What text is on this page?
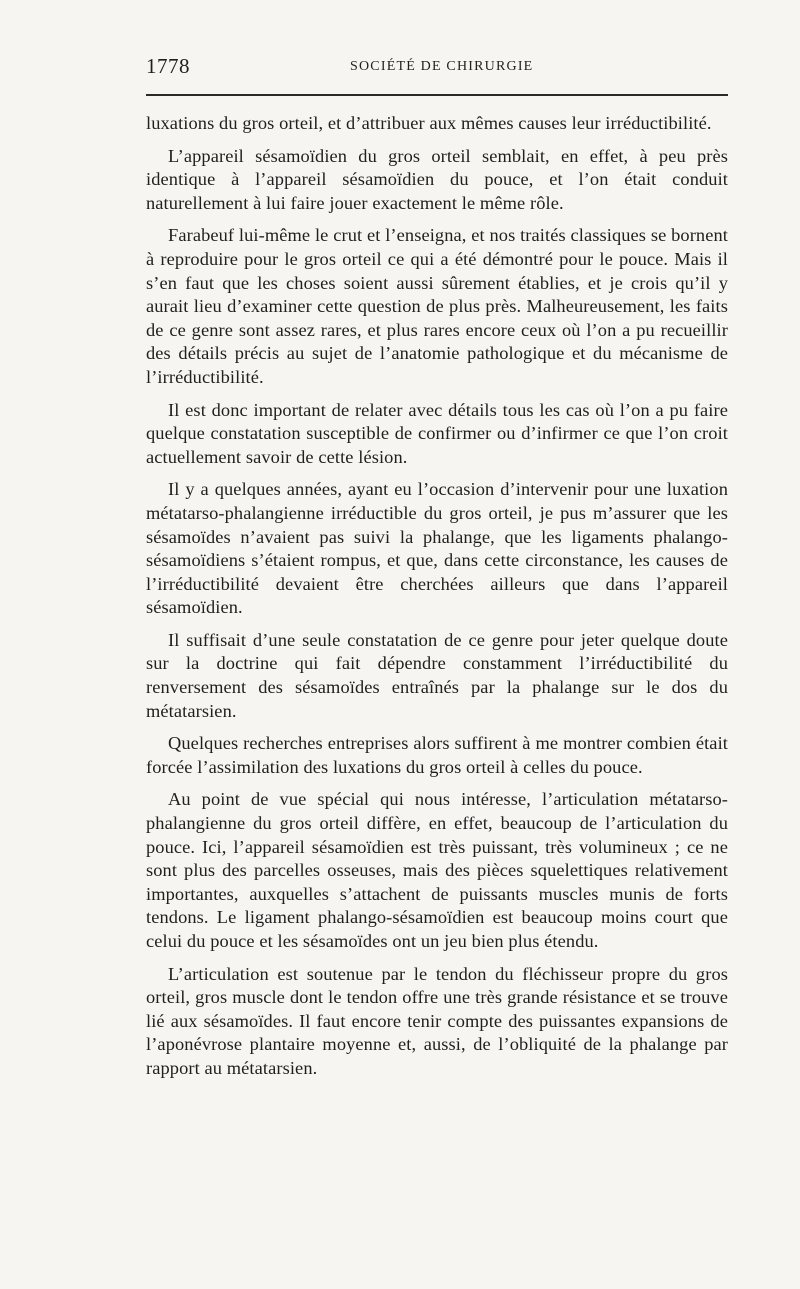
1778	SOCIÉTÉ DE CHIRURGIE

luxations du gros orteil, et d’attribuer aux mêmes causes leur irréductibilité.

L’appareil sésamoïdien du gros orteil semblait, en effet, à peu près identique à l’appareil sésamoïdien du pouce, et l’on était conduit naturellement à lui faire jouer exactement le même rôle.

Farabeuf lui-même le crut et l’enseigna, et nos traités classiques se bornent à reproduire pour le gros orteil ce qui a été démontré pour le pouce. Mais il s’en faut que les choses soient aussi sûrement établies, et je crois qu’il y aurait lieu d’examiner cette question de plus près. Malheureusement, les faits de ce genre sont assez rares, et plus rares encore ceux où l’on a pu recueillir des détails précis au sujet de l’anatomie pathologique et du mécanisme de l’irréductibilité.

Il est donc important de relater avec détails tous les cas où l’on a pu faire quelque constatation susceptible de confirmer ou d’infirmer ce que l’on croit actuellement savoir de cette lésion.

Il y a quelques années, ayant eu l’occasion d’intervenir pour une luxation métatarso-phalangienne irréductible du gros orteil, je pus m’assurer que les sésamoïdes n’avaient pas suivi la phalange, que les ligaments phalango-sésamoïdiens s’étaient rompus, et que, dans cette circonstance, les causes de l’irréductibilité devaient être cherchées ailleurs que dans l’appareil sésamoïdien.

Il suffisait d’une seule constatation de ce genre pour jeter quelque doute sur la doctrine qui fait dépendre constamment l’irréductibilité du renversement des sésamoïdes entraînés par la phalange sur le dos du métatarsien.

Quelques recherches entreprises alors suffirent à me montrer combien était forcée l’assimilation des luxations du gros orteil à celles du pouce.

Au point de vue spécial qui nous intéresse, l’articulation métatarso-phalangienne du gros orteil diffère, en effet, beaucoup de l’articulation du pouce. Ici, l’appareil sésamoïdien est très puissant, très volumineux ; ce ne sont plus des parcelles osseuses, mais des pièces squelettiques relativement importantes, auxquelles s’attachent de puissants muscles munis de forts tendons. Le ligament phalango-sésamoïdien est beaucoup moins court que celui du pouce et les sésamoïdes ont un jeu bien plus étendu.

L’articulation est soutenue par le tendon du fléchisseur propre du gros orteil, gros muscle dont le tendon offre une très grande résistance et se trouve lié aux sésamoïdes. Il faut encore tenir compte des puissantes expansions de l’aponévrose plantaire moyenne et, aussi, de l’obliquité de la phalange par rapport au métatarsien.
